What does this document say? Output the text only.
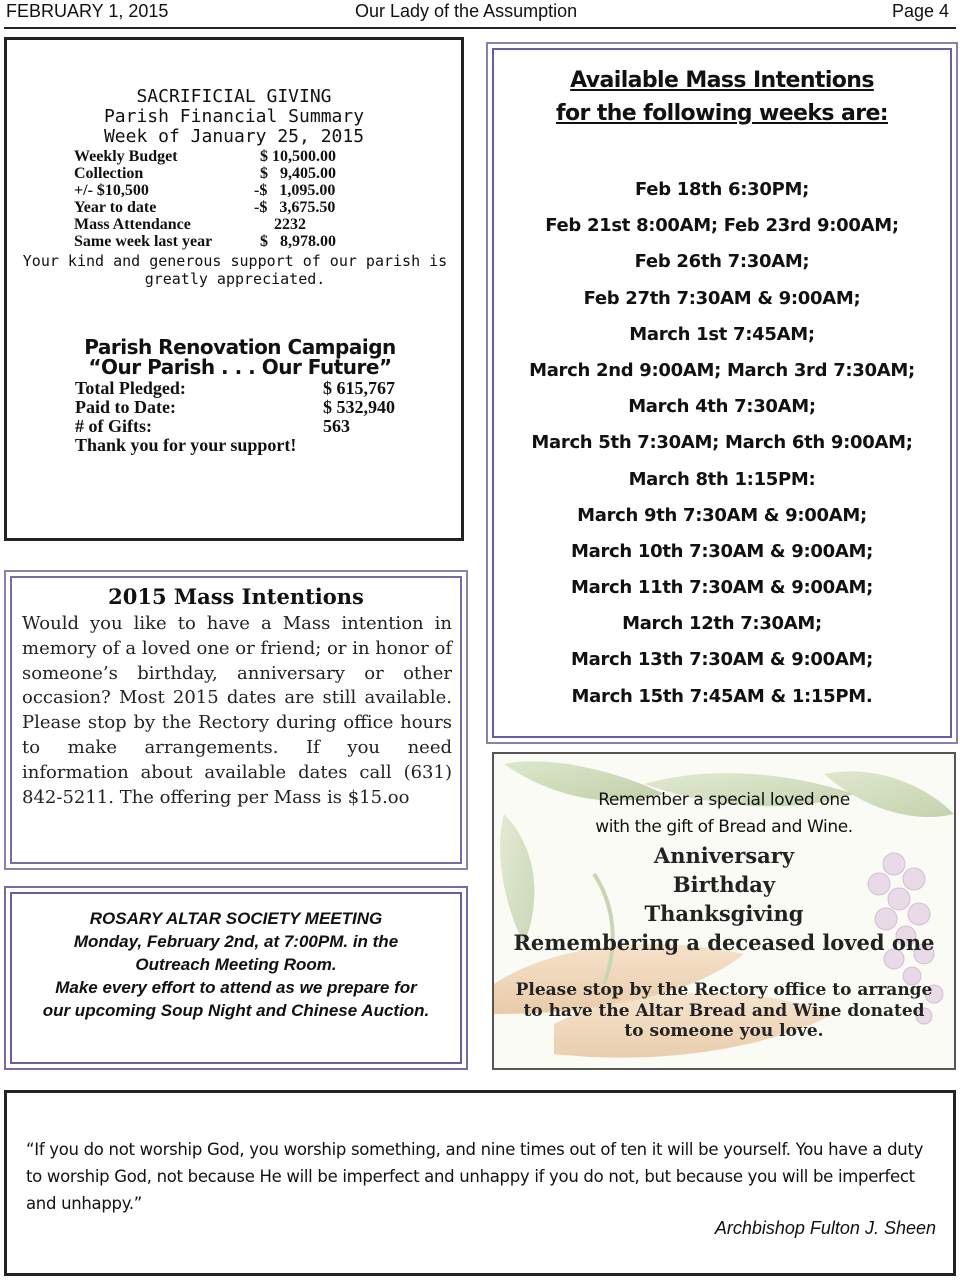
FEBRUARY 1, 2015	Our Lady of the Assumption	Page 4
SACRIFICIAL GIVING
Parish Financial Summary
Week of January 25, 2015
Weekly Budget	$ 10,500.00
Collection	$   9,405.00
+/- $10,500	-$   1,095.00
Year to date	-$   3,675.50
Mass Attendance	2232
Same week last year	$   8,978.00
Your kind and generous support of our parish is
greatly appreciated.
Parish Renovation Campaign
“Our Parish . . . Our Future”
Total Pledged:	$ 615,767
Paid to Date:	$ 532,940
# of Gifts:	563
Thank you for your support!
2015 Mass Intentions
Would you like to have a Mass intention in memory of a loved one or friend; or in honor of someone’s birthday, anniversary or other occasion? Most 2015 dates are still available. Please stop by the Rectory during office hours to make arrangements. If you need information about available dates call (631) 842-5211. The offering per Mass is $15.oo
ROSARY ALTAR SOCIETY MEETING
Monday, February 2nd, at 7:00PM. in the
Outreach Meeting Room.
Make every effort to attend as we prepare for
our upcoming Soup Night and Chinese Auction.
Available Mass Intentions
for the following weeks are:
Feb 18th 6:30PM;
Feb 21st 8:00AM; Feb 23rd 9:00AM;
Feb 26th 7:30AM;
Feb 27th 7:30AM & 9:00AM;
March 1st 7:45AM;
March 2nd 9:00AM; March 3rd 7:30AM;
March 4th 7:30AM;
March 5th 7:30AM; March 6th 9:00AM;
March 8th 1:15PM:
March 9th 7:30AM & 9:00AM;
March 10th 7:30AM & 9:00AM;
March 11th 7:30AM & 9:00AM;
March 12th 7:30AM;
March 13th 7:30AM & 9:00AM;
March 15th 7:45AM & 1:15PM.
Remember a special loved one
with the gift of Bread and Wine.
Anniversary
Birthday
Thanksgiving
Remembering a deceased loved one
Please stop by the Rectory office to arrange
to have the Altar Bread and Wine donated
to someone you love.
“If you do not worship God, you worship something, and nine times out of ten it will be yourself. You have a duty to worship God, not because He will be imperfect and unhappy if you do not, but because you will be imperfect and unhappy.”
Archbishop Fulton J. Sheen
